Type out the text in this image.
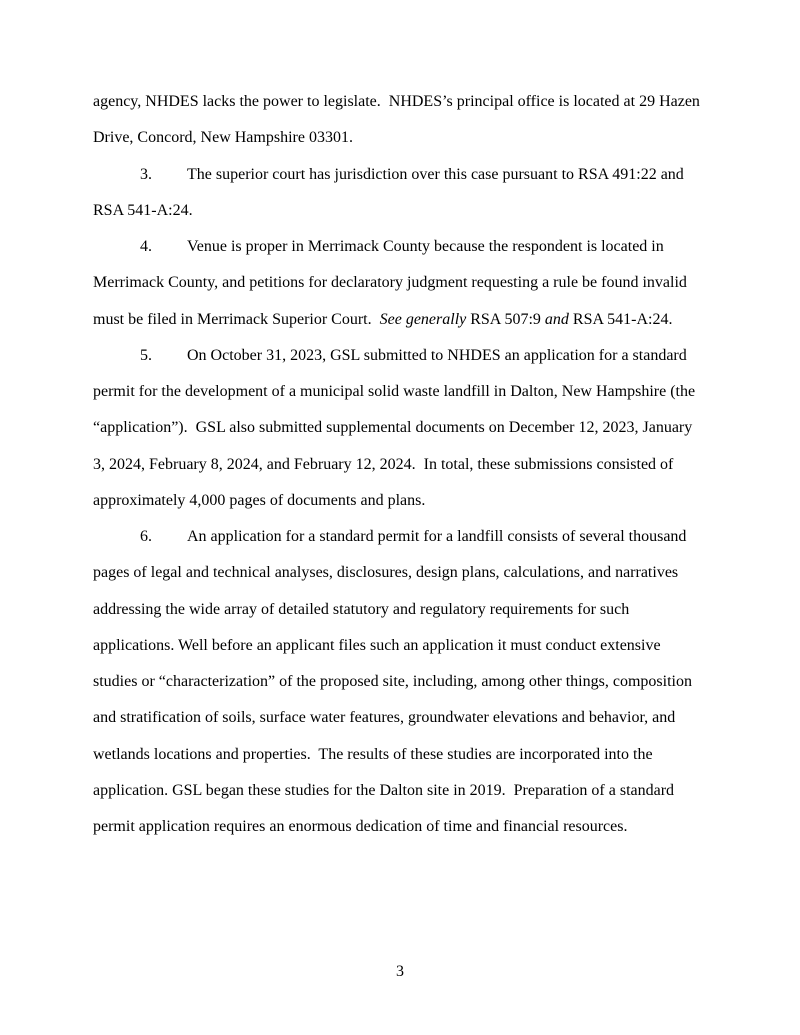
agency, NHDES lacks the power to legislate.  NHDES’s principal office is located at 29 Hazen Drive, Concord, New Hampshire 03301.

3. The superior court has jurisdiction over this case pursuant to RSA 491:22 and RSA 541-A:24.

4. Venue is proper in Merrimack County because the respondent is located in Merrimack County, and petitions for declaratory judgment requesting a rule be found invalid must be filed in Merrimack Superior Court.  See generally RSA 507:9 and RSA 541-A:24.

5. On October 31, 2023, GSL submitted to NHDES an application for a standard permit for the development of a municipal solid waste landfill in Dalton, New Hampshire (the “application”).  GSL also submitted supplemental documents on December 12, 2023, January 3, 2024, February 8, 2024, and February 12, 2024.  In total, these submissions consisted of approximately 4,000 pages of documents and plans.

6. An application for a standard permit for a landfill consists of several thousand pages of legal and technical analyses, disclosures, design plans, calculations, and narratives addressing the wide array of detailed statutory and regulatory requirements for such applications. Well before an applicant files such an application it must conduct extensive studies or “characterization” of the proposed site, including, among other things, composition and stratification of soils, surface water features, groundwater elevations and behavior, and wetlands locations and properties.  The results of these studies are incorporated into the application. GSL began these studies for the Dalton site in 2019.  Preparation of a standard permit application requires an enormous dedication of time and financial resources.

3
